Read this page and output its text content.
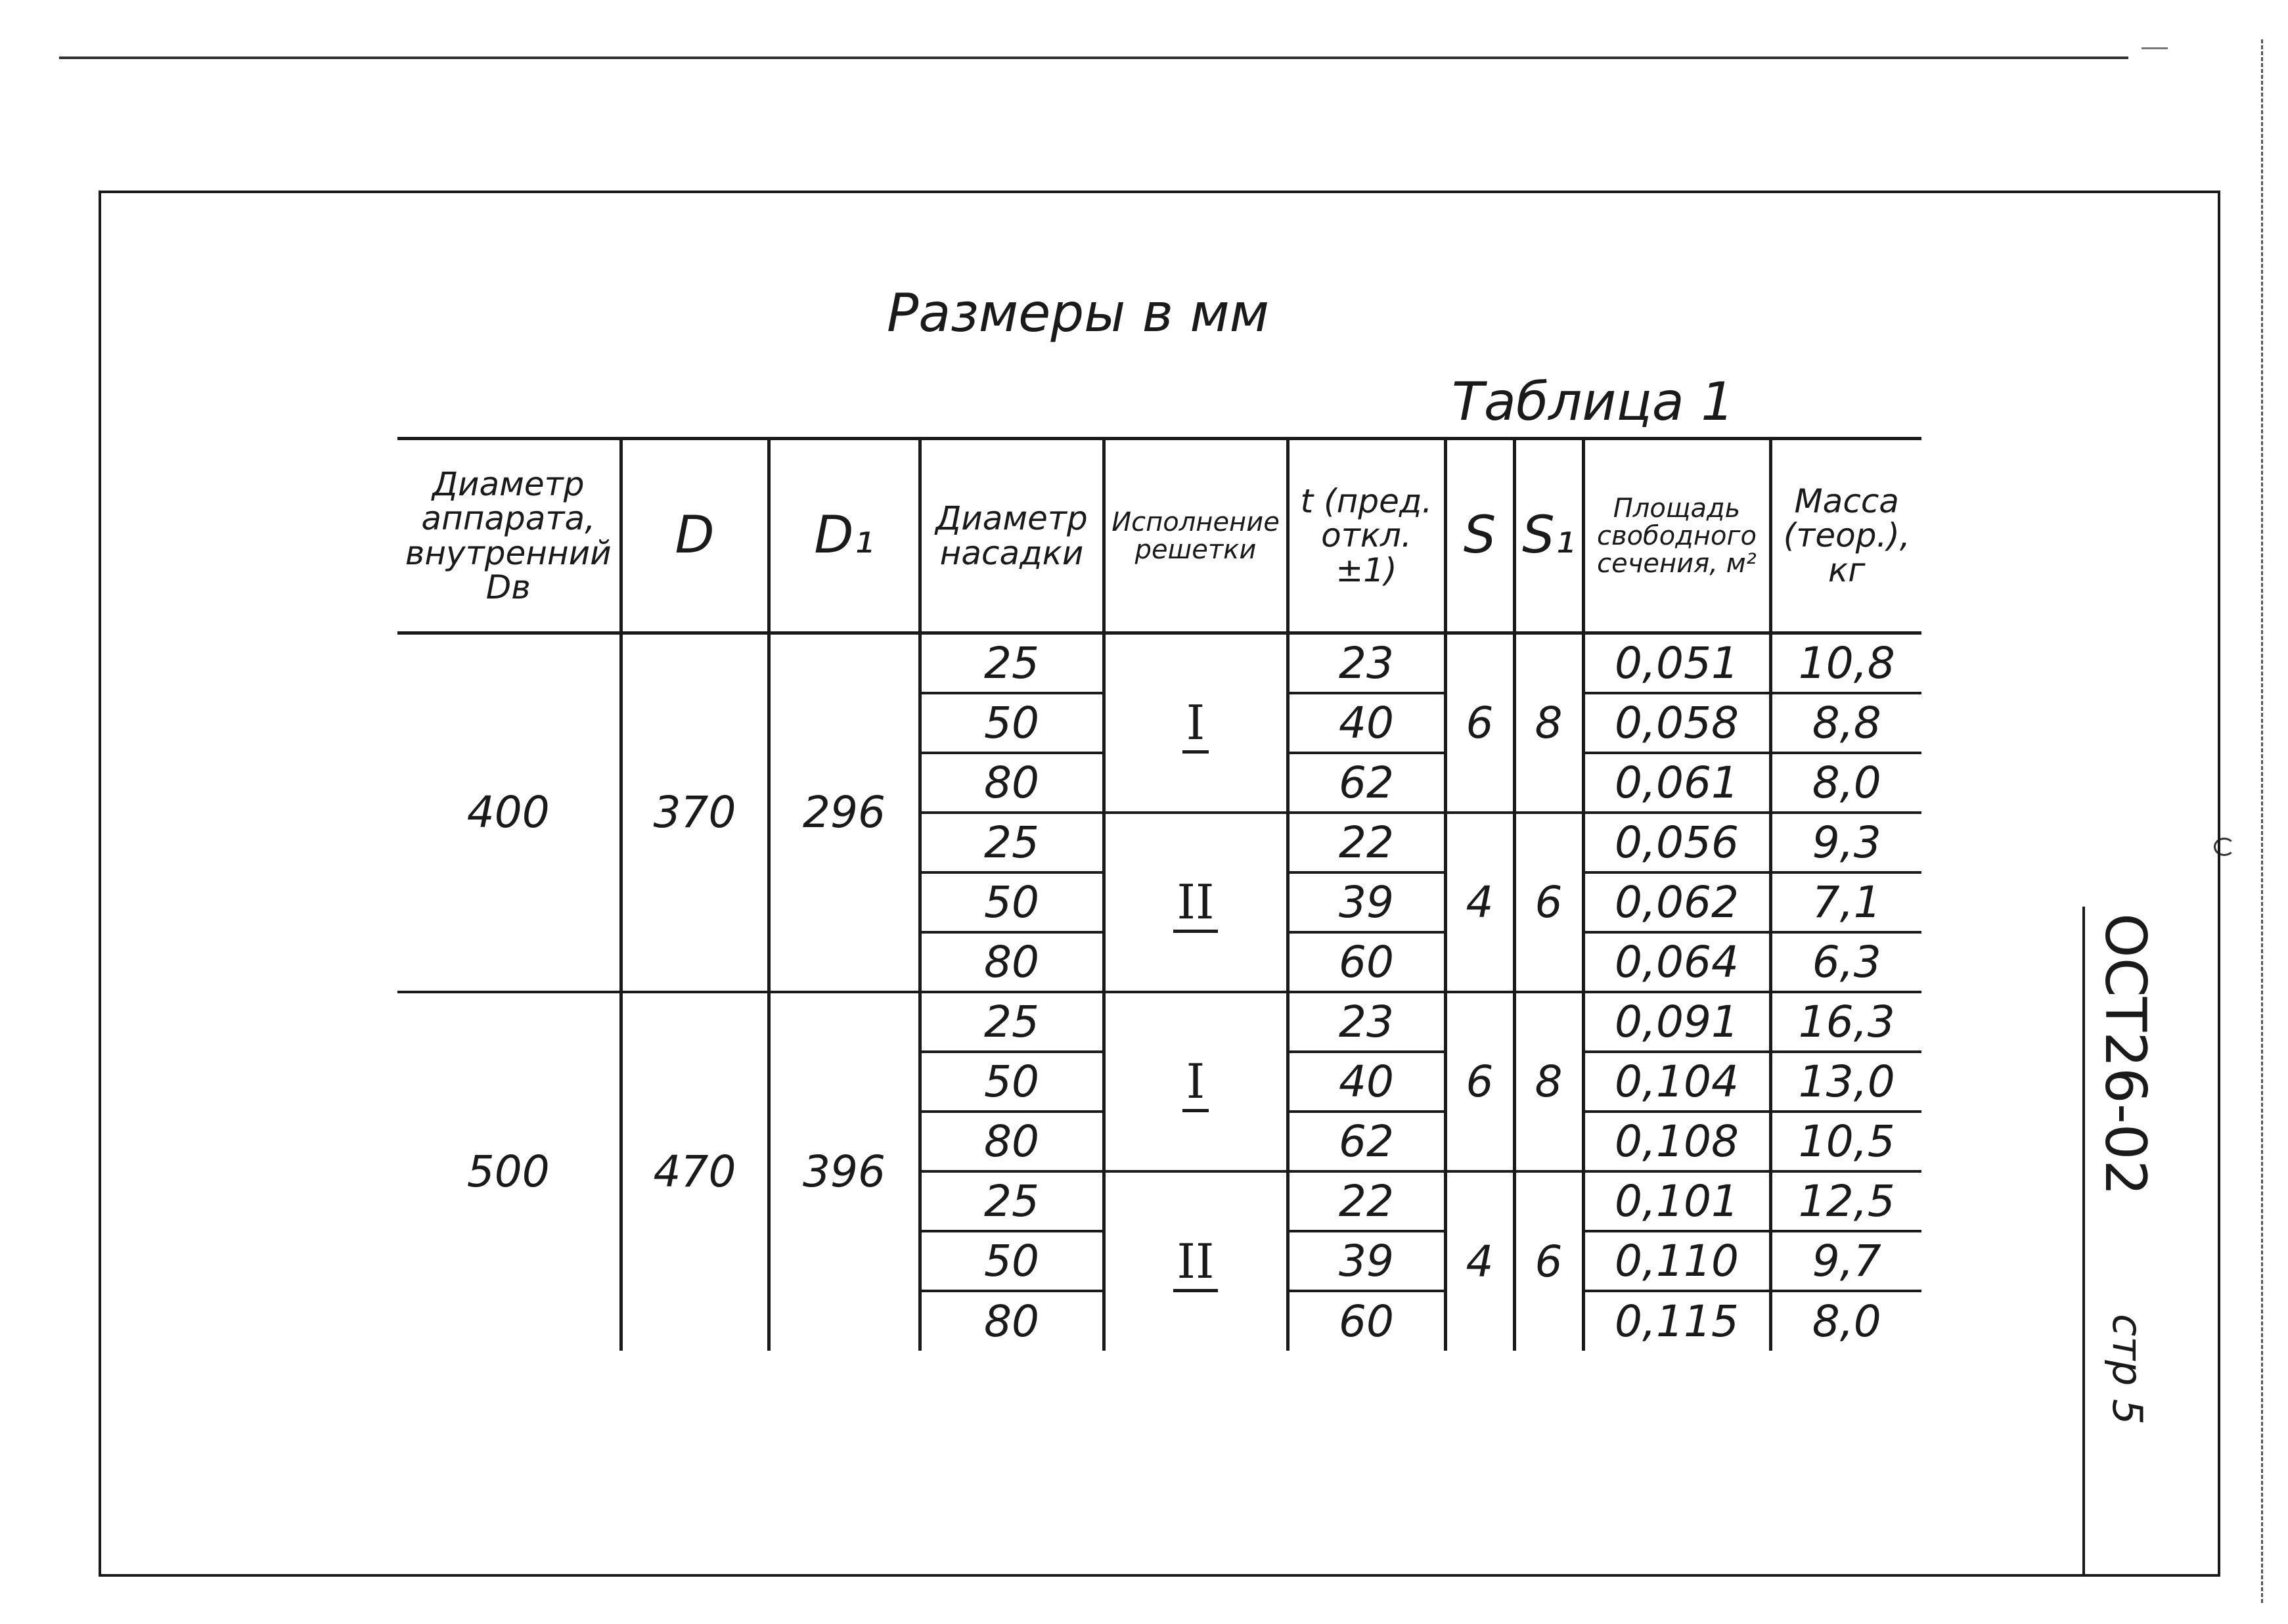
Размеры в мм
Таблица 1
ОСТ26-02
стр 5
Диаметр аппарата, внутренний Dв	D	D₁	Диаметр насадки	Исполнение решетки	t (пред. откл. ±1)	S	S₁	Площадь свободного сечения, м²	Масса (теор.), кг
400	370	296	25	I	23	6	8	0,051	10,8
			50		40			0,058	8,8
			80		62			0,061	8,0
			25	II	22	4	6	0,056	9,3
			50		39			0,062	7,1
			80		60			0,064	6,3
500	470	396	25	I	23	6	8	0,091	16,3
			50		40			0,104	13,0
			80		62			0,108	10,5
			25	II	22	4	6	0,101	12,5
			50		39			0,110	9,7
			80		60			0,115	8,0
